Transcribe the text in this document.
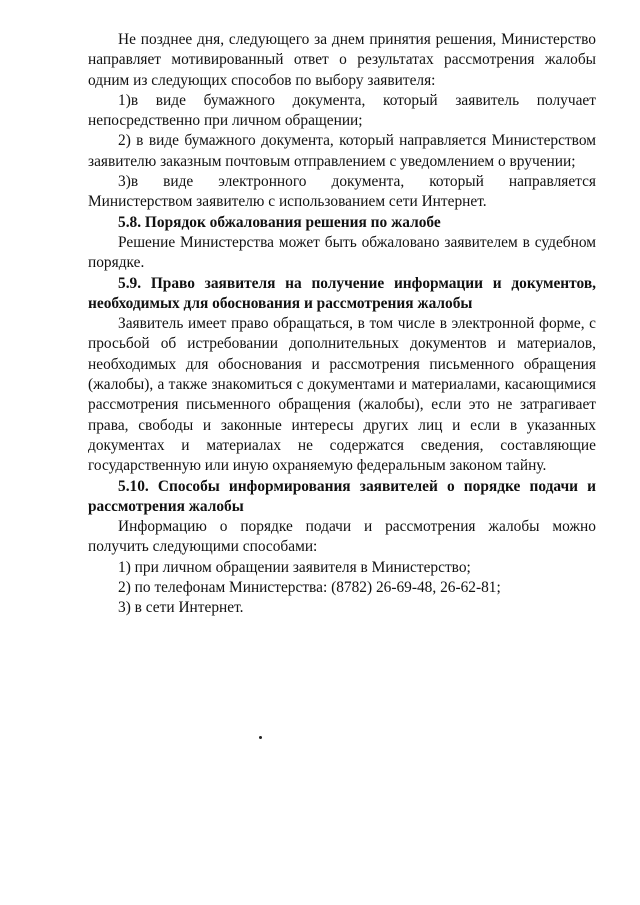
Не позднее дня, следующего за днем принятия решения, Министерство направляет мотивированный ответ о результатах рассмотрения жалобы одним из следующих способов по выбору заявителя:

1)в виде бумажного документа, который заявитель получает непосредственно при личном обращении;

2) в виде бумажного документа, который направляется Министерством заявителю заказным почтовым отправлением с уведомлением о вручении;

3)в виде электронного документа, который направляется Министерством заявителю с использованием сети Интернет.

5.8. Порядок обжалования решения по жалобе

Решение Министерства может быть обжаловано заявителем в судебном порядке.

5.9. Право заявителя на получение информации и документов, необходимых для обоснования и рассмотрения жалобы

Заявитель имеет право обращаться, в том числе в электронной форме, с просьбой об истребовании дополнительных документов и материалов, необходимых для обоснования и рассмотрения письменного обращения (жалобы), а также знакомиться с документами и материалами, касающимися рассмотрения письменного обращения (жалобы), если это не затрагивает права, свободы и законные интересы других лиц и если в указанных документах и материалах не содержатся сведения, составляющие государственную или иную охраняемую федеральным законом тайну.

5.10. Способы информирования заявителей о порядке подачи и рассмотрения жалобы

Информацию о порядке подачи и рассмотрения жалобы можно получить следующими способами:

1) при личном обращении заявителя в Министерство;

2) по телефонам Министерства: (8782) 26-69-48, 26-62-81;

3) в сети Интернет.
